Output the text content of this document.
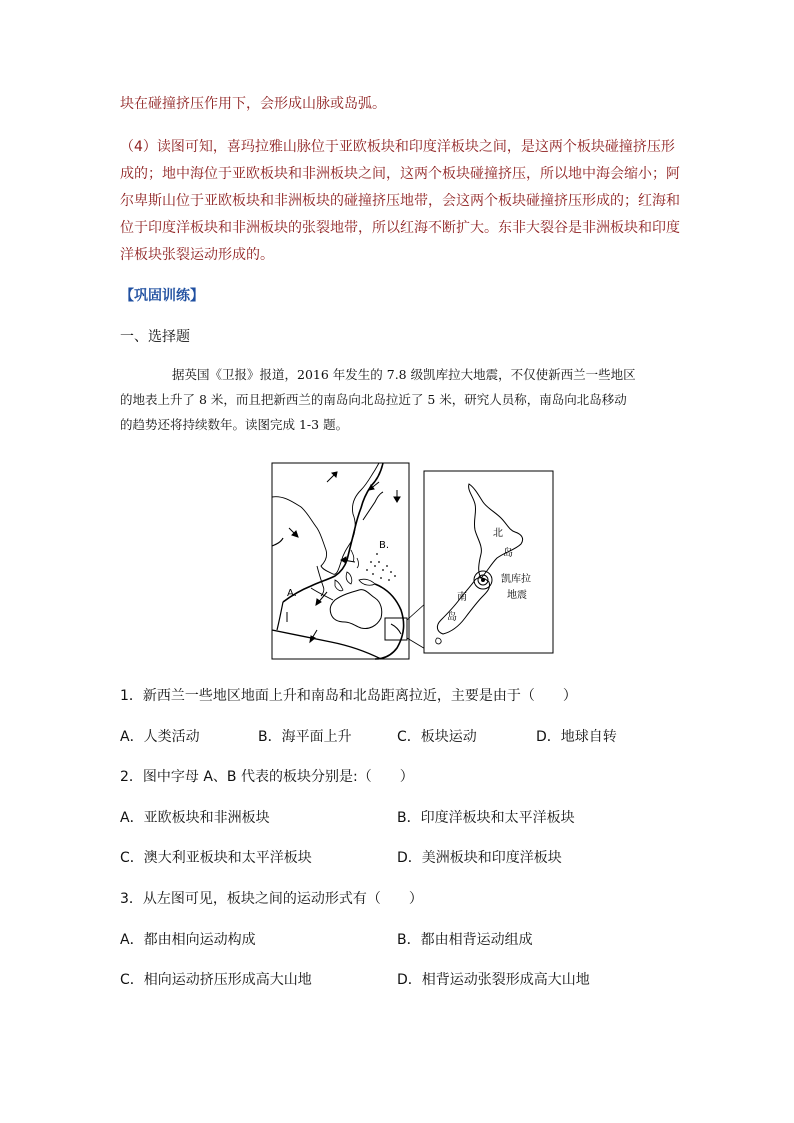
块在碰撞挤压作用下，会形成山脉或岛弧。
（4）读图可知，喜玛拉雅山脉位于亚欧板块和印度洋板块之间，是这两个板块碰撞挤压形
成的；地中海位于亚欧板块和非洲板块之间，这两个板块碰撞挤压，所以地中海会缩小；阿
尔卑斯山位于亚欧板块和非洲板块的碰撞挤压地带，会这两个板块碰撞挤压形成的；红海和
位于印度洋板块和非洲板块的张裂地带，所以红海不断扩大。东非大裂谷是非洲板块和印度
洋板块张裂运动形成的。
【巩固训练】
一、选择题
据英国《卫报》报道，2016 年发生的 7.8 级凯库拉大地震，不仅使新西兰一些地区
的地表上升了 8 米，而且把新西兰的南岛向北岛拉近了 5 米，研究人员称，南岛向北岛移动
的趋势还将持续数年。读图完成 1-3 题。
B.
A.
北
岛
南
岛
凯库拉
地震
1．新西兰一些地区地面上升和南岛和北岛距离拉近，主要是由于（　　）
A．人类活动	B．海平面上升	C．板块运动	D．地球自转
2．图中字母 A、B 代表的板块分别是:（　　）
A．亚欧板块和非洲板块	B．印度洋板块和太平洋板块
C．澳大利亚板块和太平洋板块	D．美洲板块和印度洋板块
3．从左图可见，板块之间的运动形式有（　　）
A．都由相向运动构成	B．都由相背运动组成
C．相向运动挤压形成高大山地	D．相背运动张裂形成高大山地
